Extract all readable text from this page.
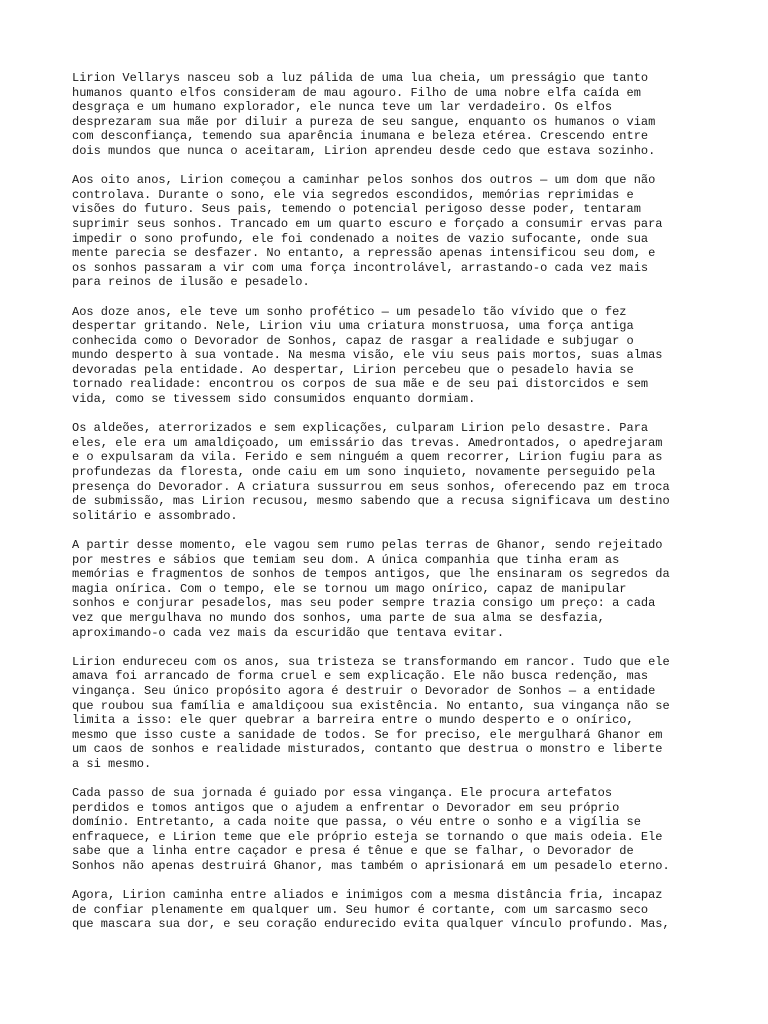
Lirion Vellarys nasceu sob a luz pálida de uma lua cheia, um presságio que tanto
humanos quanto elfos consideram de mau agouro. Filho de uma nobre elfa caída em
desgraça e um humano explorador, ele nunca teve um lar verdadeiro. Os elfos
desprezaram sua mãe por diluir a pureza de seu sangue, enquanto os humanos o viam
com desconfiança, temendo sua aparência inumana e beleza etérea. Crescendo entre
dois mundos que nunca o aceitaram, Lirion aprendeu desde cedo que estava sozinho.

Aos oito anos, Lirion começou a caminhar pelos sonhos dos outros — um dom que não
controlava. Durante o sono, ele via segredos escondidos, memórias reprimidas e
visões do futuro. Seus pais, temendo o potencial perigoso desse poder, tentaram
suprimir seus sonhos. Trancado em um quarto escuro e forçado a consumir ervas para
impedir o sono profundo, ele foi condenado a noites de vazio sufocante, onde sua
mente parecia se desfazer. No entanto, a repressão apenas intensificou seu dom, e
os sonhos passaram a vir com uma força incontrolável, arrastando-o cada vez mais
para reinos de ilusão e pesadelo.

Aos doze anos, ele teve um sonho profético — um pesadelo tão vívido que o fez
despertar gritando. Nele, Lirion viu uma criatura monstruosa, uma força antiga
conhecida como o Devorador de Sonhos, capaz de rasgar a realidade e subjugar o
mundo desperto à sua vontade. Na mesma visão, ele viu seus pais mortos, suas almas
devoradas pela entidade. Ao despertar, Lirion percebeu que o pesadelo havia se
tornado realidade: encontrou os corpos de sua mãe e de seu pai distorcidos e sem
vida, como se tivessem sido consumidos enquanto dormiam.

Os aldeões, aterrorizados e sem explicações, culparam Lirion pelo desastre. Para
eles, ele era um amaldiçoado, um emissário das trevas. Amedrontados, o apedrejaram
e o expulsaram da vila. Ferido e sem ninguém a quem recorrer, Lirion fugiu para as
profundezas da floresta, onde caiu em um sono inquieto, novamente perseguido pela
presença do Devorador. A criatura sussurrou em seus sonhos, oferecendo paz em troca
de submissão, mas Lirion recusou, mesmo sabendo que a recusa significava um destino
solitário e assombrado.

A partir desse momento, ele vagou sem rumo pelas terras de Ghanor, sendo rejeitado
por mestres e sábios que temiam seu dom. A única companhia que tinha eram as
memórias e fragmentos de sonhos de tempos antigos, que lhe ensinaram os segredos da
magia onírica. Com o tempo, ele se tornou um mago onírico, capaz de manipular
sonhos e conjurar pesadelos, mas seu poder sempre trazia consigo um preço: a cada
vez que mergulhava no mundo dos sonhos, uma parte de sua alma se desfazia,
aproximando-o cada vez mais da escuridão que tentava evitar.

Lirion endureceu com os anos, sua tristeza se transformando em rancor. Tudo que ele
amava foi arrancado de forma cruel e sem explicação. Ele não busca redenção, mas
vingança. Seu único propósito agora é destruir o Devorador de Sonhos — a entidade
que roubou sua família e amaldiçoou sua existência. No entanto, sua vingança não se
limita a isso: ele quer quebrar a barreira entre o mundo desperto e o onírico,
mesmo que isso custe a sanidade de todos. Se for preciso, ele mergulhará Ghanor em
um caos de sonhos e realidade misturados, contanto que destrua o monstro e liberte
a si mesmo.

Cada passo de sua jornada é guiado por essa vingança. Ele procura artefatos
perdidos e tomos antigos que o ajudem a enfrentar o Devorador em seu próprio
domínio. Entretanto, a cada noite que passa, o véu entre o sonho e a vigília se
enfraquece, e Lirion teme que ele próprio esteja se tornando o que mais odeia. Ele
sabe que a linha entre caçador e presa é tênue e que se falhar, o Devorador de
Sonhos não apenas destruirá Ghanor, mas também o aprisionará em um pesadelo eterno.

Agora, Lirion caminha entre aliados e inimigos com a mesma distância fria, incapaz
de confiar plenamente em qualquer um. Seu humor é cortante, com um sarcasmo seco
que mascara sua dor, e seu coração endurecido evita qualquer vínculo profundo. Mas,
